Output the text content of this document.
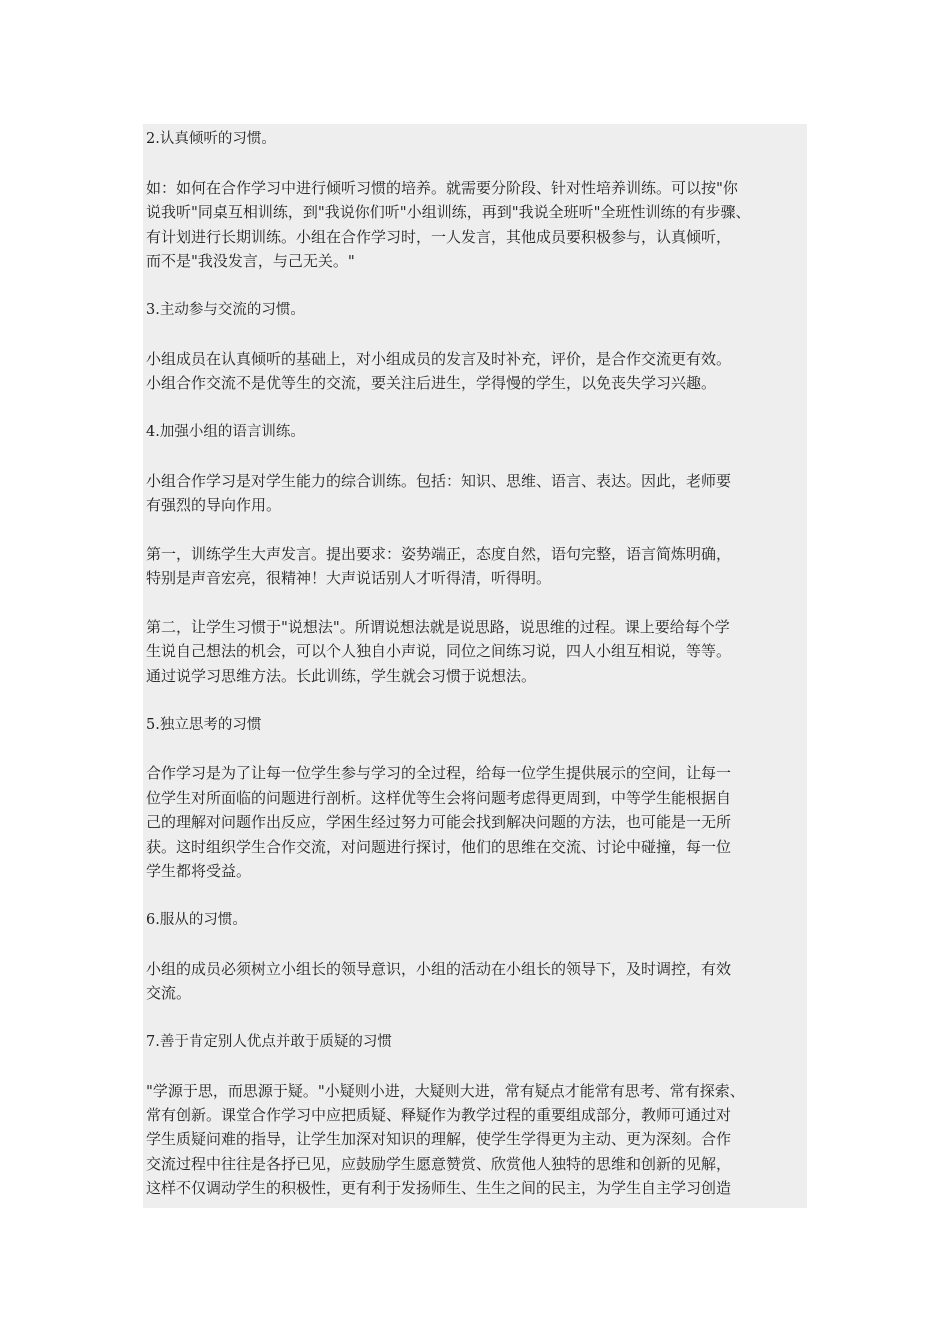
2.认真倾听的习惯。

如：如何在合作学习中进行倾听习惯的培养。就需要分阶段、针对性培养训练。可以按"你
说我听"同桌互相训练，到"我说你们听"小组训练，再到"我说全班听"全班性训练的有步骤、
有计划进行长期训练。小组在合作学习时，一人发言，其他成员要积极参与，认真倾听，
而不是"我没发言，与己无关。"

3.主动参与交流的习惯。

小组成员在认真倾听的基础上，对小组成员的发言及时补充，评价，是合作交流更有效。
小组合作交流不是优等生的交流，要关注后进生，学得慢的学生，以免丧失学习兴趣。

4.加强小组的语言训练。

小组合作学习是对学生能力的综合训练。包括：知识、思维、语言、表达。因此，老师要
有强烈的导向作用。

第一，训练学生大声发言。提出要求：姿势端正，态度自然，语句完整，语言简炼明确，
特别是声音宏亮，很精神！大声说话别人才听得清，听得明。

第二，让学生习惯于"说想法"。所谓说想法就是说思路，说思维的过程。课上要给每个学
生说自己想法的机会，可以个人独自小声说，同位之间练习说，四人小组互相说，等等。
通过说学习思维方法。长此训练，学生就会习惯于说想法。

5.独立思考的习惯

合作学习是为了让每一位学生参与学习的全过程，给每一位学生提供展示的空间，让每一
位学生对所面临的问题进行剖析。这样优等生会将问题考虑得更周到，中等学生能根据自
己的理解对问题作出反应，学困生经过努力可能会找到解决问题的方法，也可能是一无所
获。这时组织学生合作交流，对问题进行探讨，他们的思维在交流、讨论中碰撞，每一位
学生都将受益。

6.服从的习惯。

小组的成员必须树立小组长的领导意识，小组的活动在小组长的领导下，及时调控，有效
交流。

7.善于肯定别人优点并敢于质疑的习惯

"学源于思，而思源于疑。"小疑则小进，大疑则大进，常有疑点才能常有思考、常有探索、
常有创新。课堂合作学习中应把质疑、释疑作为教学过程的重要组成部分，教师可通过对
学生质疑问难的指导，让学生加深对知识的理解，使学生学得更为主动、更为深刻。合作
交流过程中往往是各抒已见，应鼓励学生愿意赞赏、欣赏他人独特的思维和创新的见解，
这样不仅调动学生的积极性，更有利于发扬师生、生生之间的民主，为学生自主学习创造
